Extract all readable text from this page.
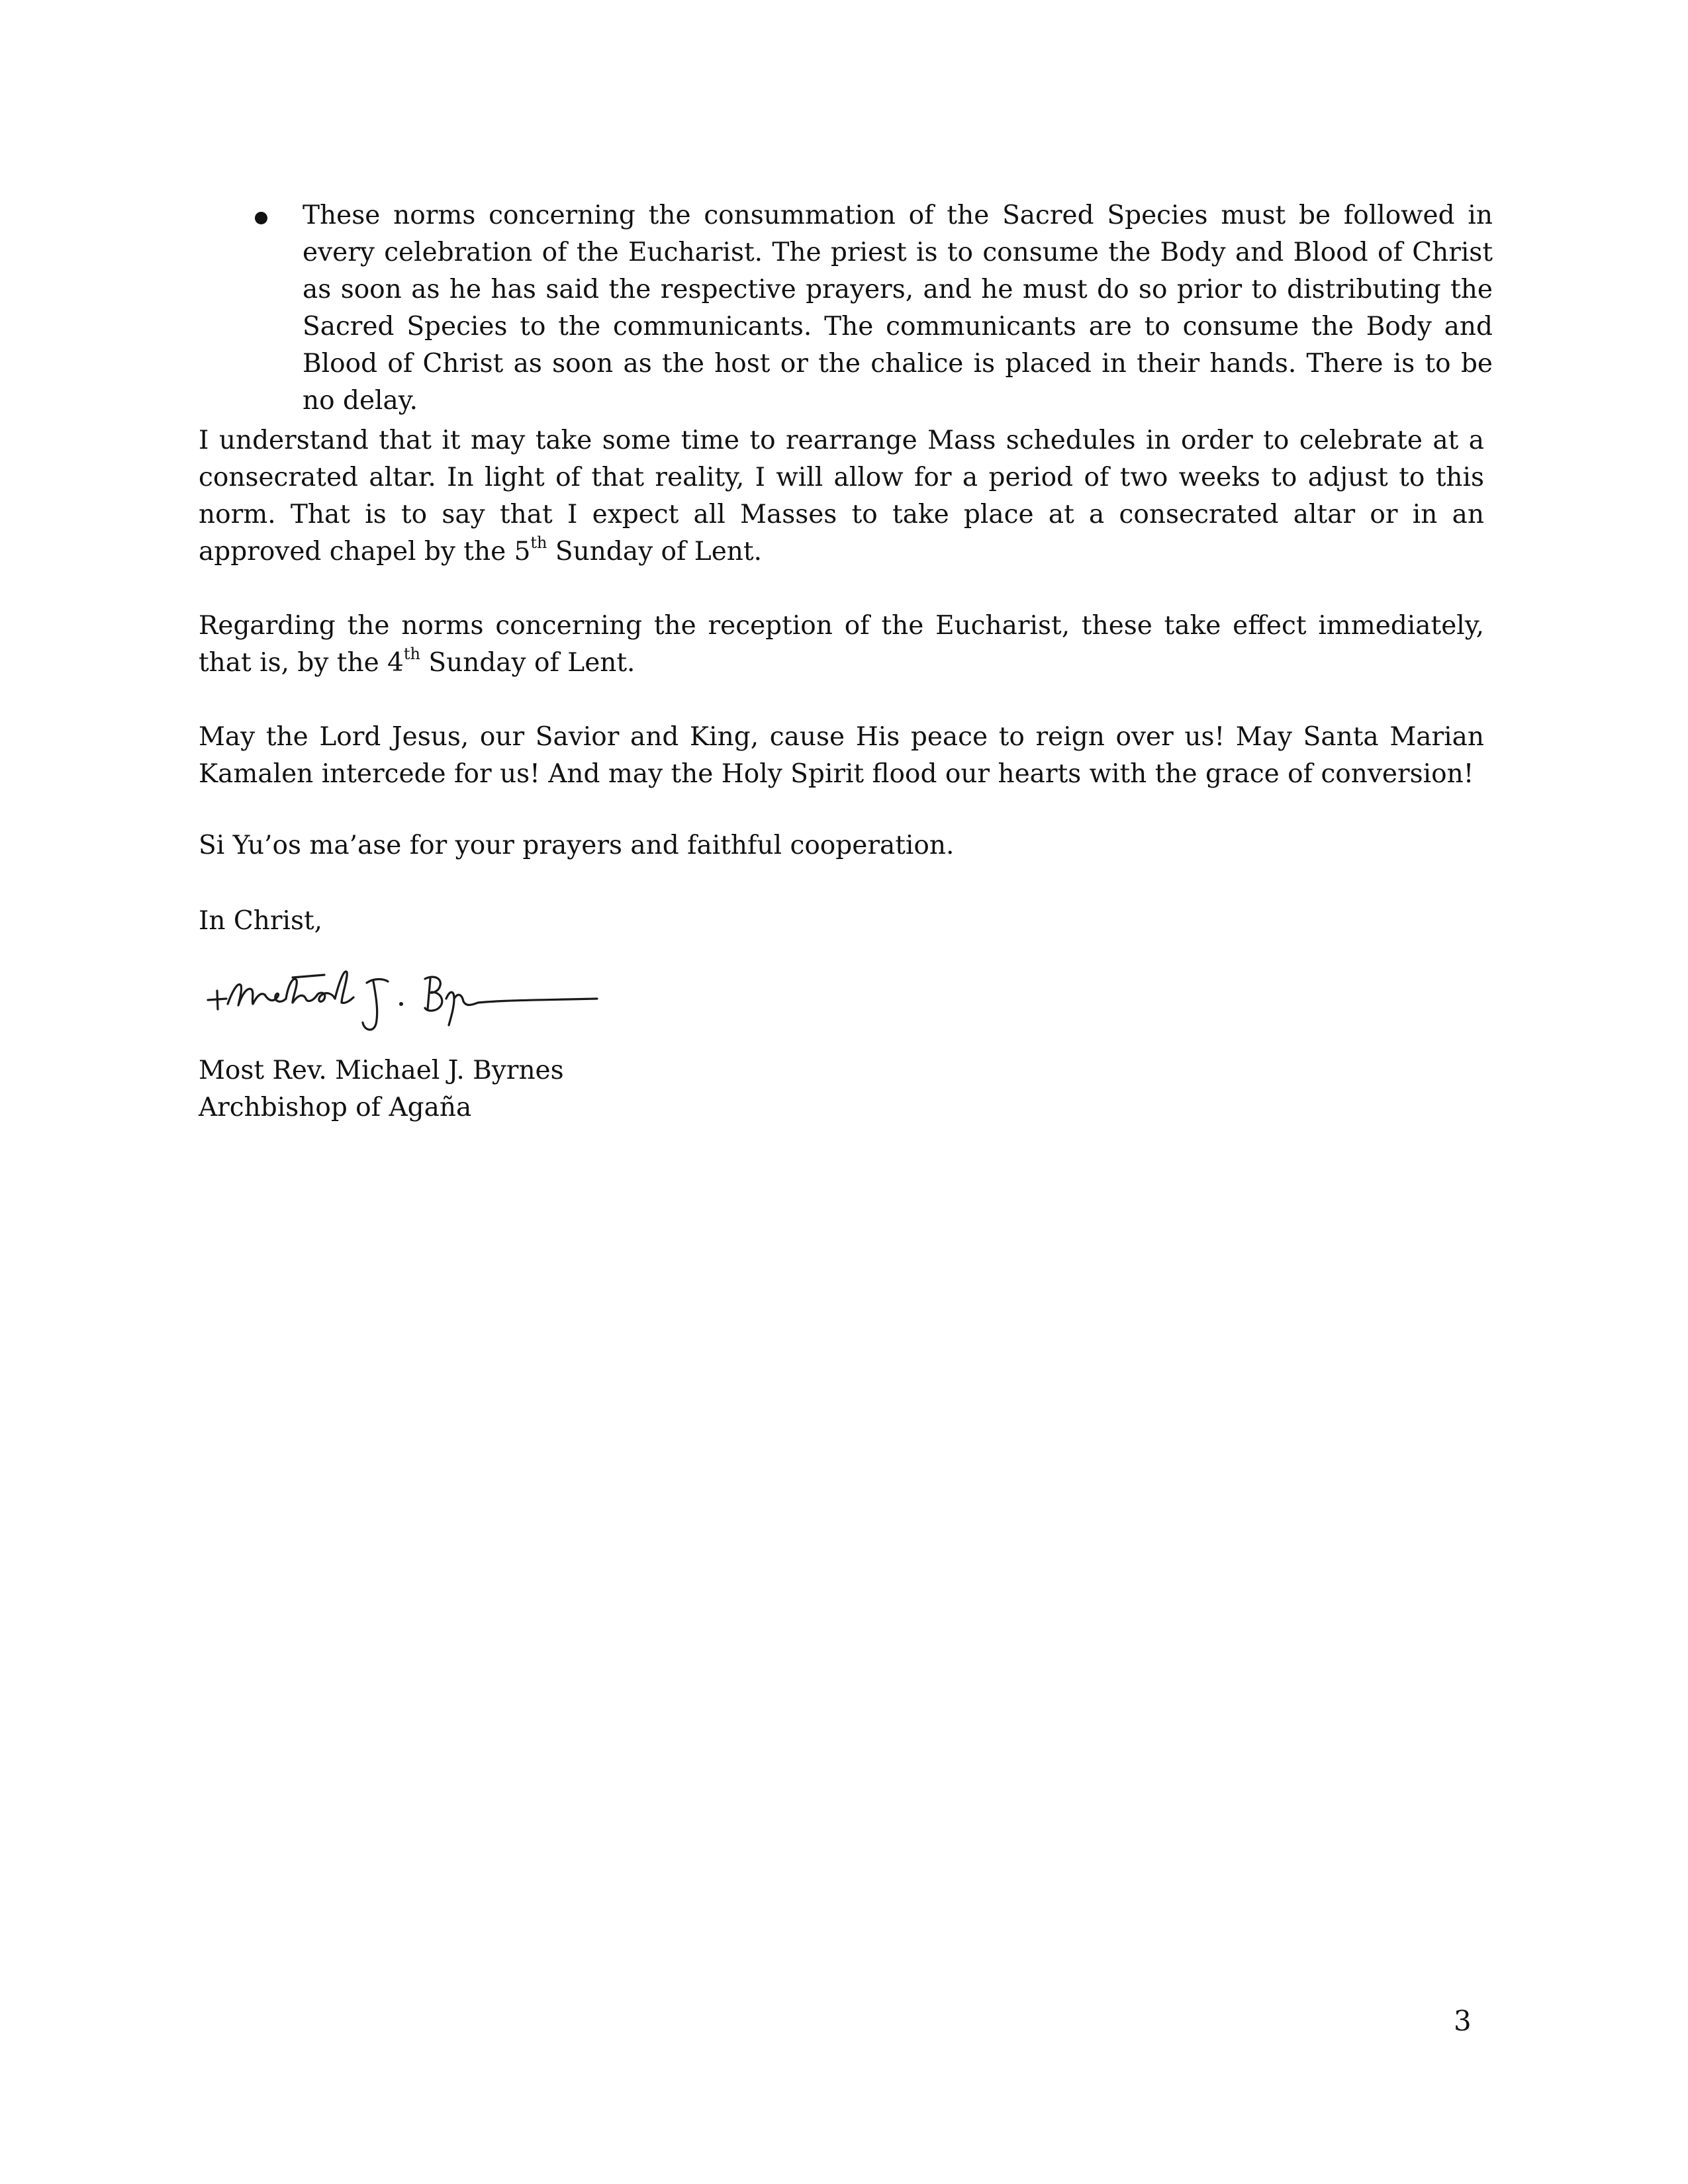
These norms concerning the consummation of the Sacred Species must be followed in every celebration of the Eucharist. The priest is to consume the Body and Blood of Christ as soon as he has said the respective prayers, and he must do so prior to distributing the Sacred Species to the communicants. The communicants are to consume the Body and Blood of Christ as soon as the host or the chalice is placed in their hands. There is to be no delay.
I understand that it may take some time to rearrange Mass schedules in order to celebrate at a consecrated altar. In light of that reality, I will allow for a period of two weeks to adjust to this norm. That is to say that I expect all Masses to take place at a consecrated altar or in an approved chapel by the 5th Sunday of Lent.
Regarding the norms concerning the reception of the Eucharist, these take effect immediately, that is, by the 4th Sunday of Lent.
May the Lord Jesus, our Savior and King, cause His peace to reign over us! May Santa Marian Kamalen intercede for us! And may the Holy Spirit flood our hearts with the grace of conversion!
Si Yu’os ma’ase for your prayers and faithful cooperation.
In Christ,
Most Rev. Michael J. Byrnes
Archbishop of Agaña
3
